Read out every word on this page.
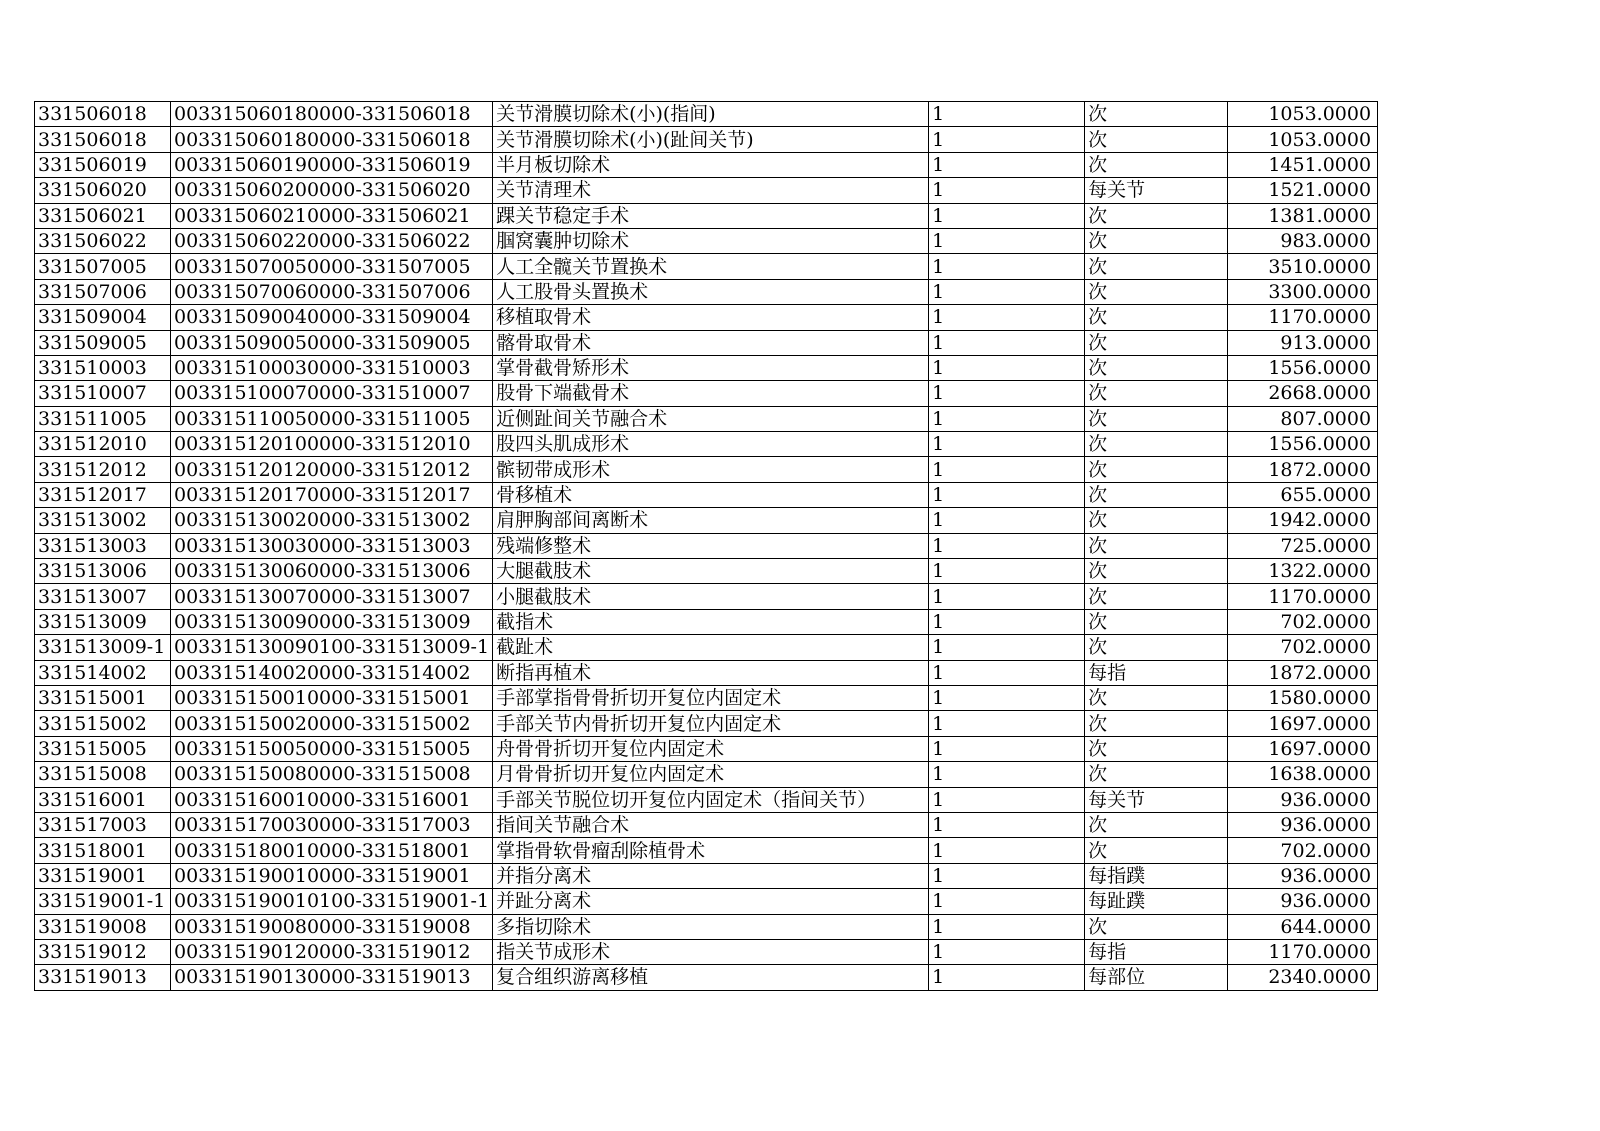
331506018	003315060180000-331506018	关节滑膜切除术(小)(指间)	1	次	1053.0000
331506018	003315060180000-331506018	关节滑膜切除术(小)(趾间关节)	1	次	1053.0000
331506019	003315060190000-331506019	半月板切除术	1	次	1451.0000
331506020	003315060200000-331506020	关节清理术	1	每关节	1521.0000
331506021	003315060210000-331506021	踝关节稳定手术	1	次	1381.0000
331506022	003315060220000-331506022	腘窝囊肿切除术	1	次	983.0000
331507005	003315070050000-331507005	人工全髋关节置换术	1	次	3510.0000
331507006	003315070060000-331507006	人工股骨头置换术	1	次	3300.0000
331509004	003315090040000-331509004	移植取骨术	1	次	1170.0000
331509005	003315090050000-331509005	髂骨取骨术	1	次	913.0000
331510003	003315100030000-331510003	掌骨截骨矫形术	1	次	1556.0000
331510007	003315100070000-331510007	股骨下端截骨术	1	次	2668.0000
331511005	003315110050000-331511005	近侧趾间关节融合术	1	次	807.0000
331512010	003315120100000-331512010	股四头肌成形术	1	次	1556.0000
331512012	003315120120000-331512012	髌韧带成形术	1	次	1872.0000
331512017	003315120170000-331512017	骨移植术	1	次	655.0000
331513002	003315130020000-331513002	肩胛胸部间离断术	1	次	1942.0000
331513003	003315130030000-331513003	残端修整术	1	次	725.0000
331513006	003315130060000-331513006	大腿截肢术	1	次	1322.0000
331513007	003315130070000-331513007	小腿截肢术	1	次	1170.0000
331513009	003315130090000-331513009	截指术	1	次	702.0000
331513009-1	003315130090100-331513009-1	截趾术	1	次	702.0000
331514002	003315140020000-331514002	断指再植术	1	每指	1872.0000
331515001	003315150010000-331515001	手部掌指骨骨折切开复位内固定术	1	次	1580.0000
331515002	003315150020000-331515002	手部关节内骨折切开复位内固定术	1	次	1697.0000
331515005	003315150050000-331515005	舟骨骨折切开复位内固定术	1	次	1697.0000
331515008	003315150080000-331515008	月骨骨折切开复位内固定术	1	次	1638.0000
331516001	003315160010000-331516001	手部关节脱位切开复位内固定术（指间关节）	1	每关节	936.0000
331517003	003315170030000-331517003	指间关节融合术	1	次	936.0000
331518001	003315180010000-331518001	掌指骨软骨瘤刮除植骨术	1	次	702.0000
331519001	003315190010000-331519001	并指分离术	1	每指蹼	936.0000
331519001-1	003315190010100-331519001-1	并趾分离术	1	每趾蹼	936.0000
331519008	003315190080000-331519008	多指切除术	1	次	644.0000
331519012	003315190120000-331519012	指关节成形术	1	每指	1170.0000
331519013	003315190130000-331519013	复合组织游离移植	1	每部位	2340.0000
